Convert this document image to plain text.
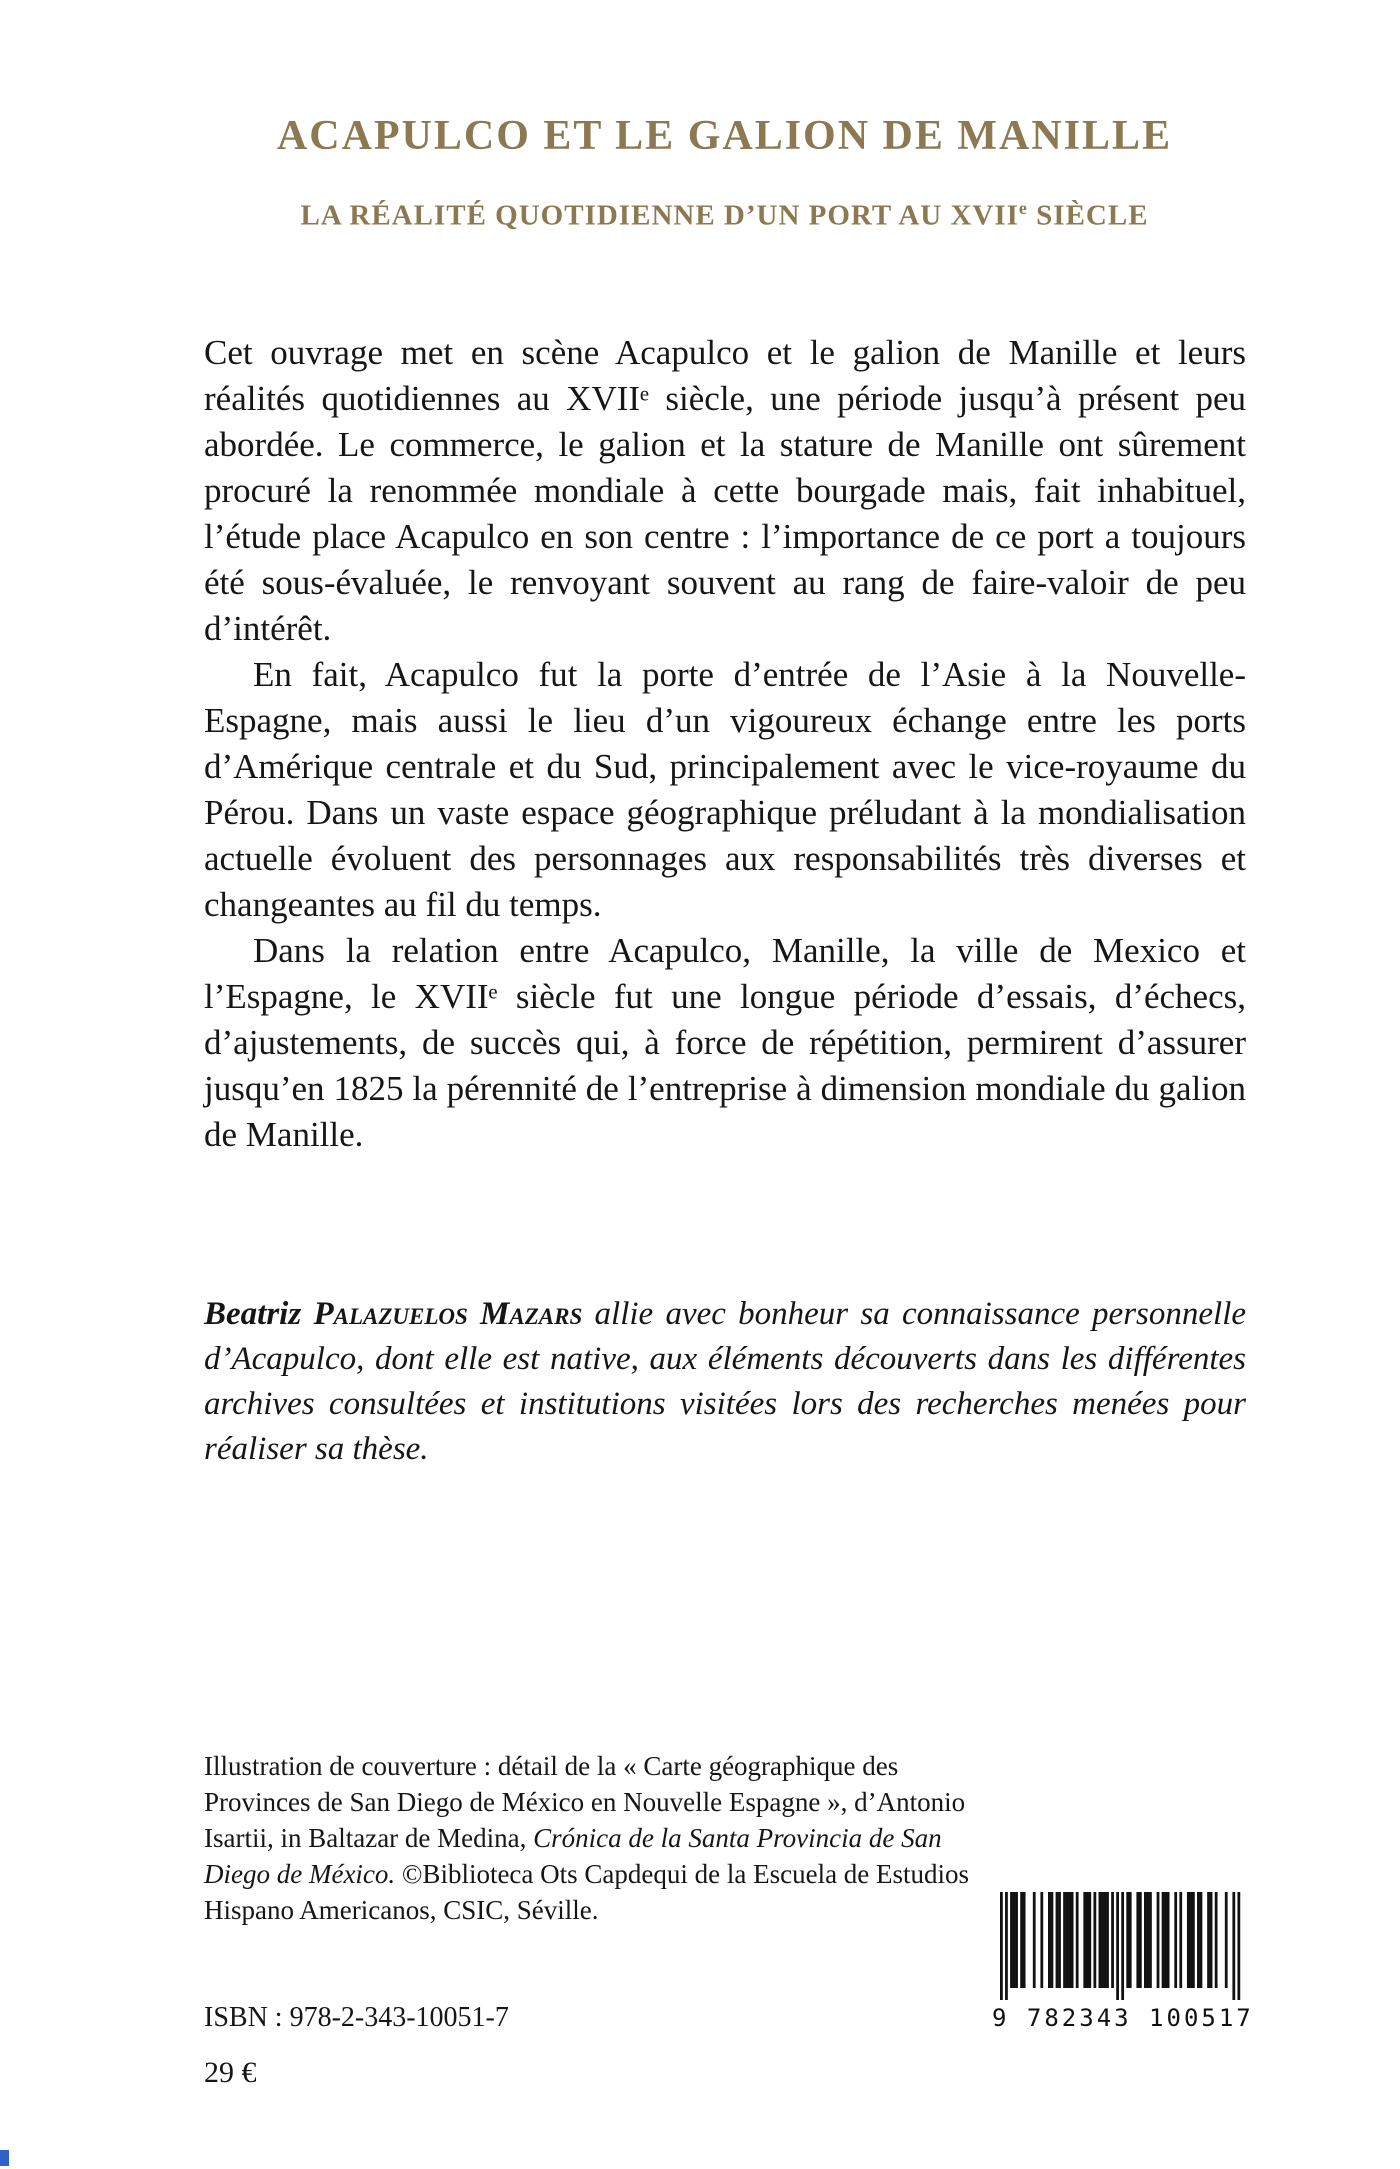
ACAPULCO ET LE GALION DE MANILLE
LA RÉALITÉ QUOTIDIENNE D’UN PORT AU XVIIe SIÈCLE

Cet ouvrage met en scène Acapulco et le galion de Manille et leurs réalités quotidiennes au XVIIᵉ siècle, une période jusqu’à présent peu abordée. Le commerce, le galion et la stature de Manille ont sûrement procuré la renommée mondiale à cette bourgade mais, fait inhabituel, l’étude place Acapulco en son centre : l’importance de ce port a toujours été sous-évaluée, le renvoyant souvent au rang de faire-valoir de peu d’intérêt.

En fait, Acapulco fut la porte d’entrée de l’Asie à la Nouvelle-Espagne, mais aussi le lieu d’un vigoureux échange entre les ports d’Amérique centrale et du Sud, principalement avec le vice-royaume du Pérou. Dans un vaste espace géographique préludant à la mondialisation actuelle évoluent des personnages aux responsabilités très diverses et changeantes au fil du temps.

Dans la relation entre Acapulco, Manille, la ville de Mexico et l’Espagne, le XVIIᵉ siècle fut une longue période d’essais, d’échecs, d’ajustements, de succès qui, à force de répétition, permirent d’assurer jusqu’en 1825 la pérennité de l’entreprise à dimension mondiale du galion de Manille.

Beatriz Palazuelos Mazars allie avec bonheur sa connaissance personnelle d’Acapulco, dont elle est native, aux éléments découverts dans les différentes archives consultées et institutions visitées lors des recherches menées pour réaliser sa thèse.
Illustration de couverture : détail de la « Carte géographique des Provinces de San Diego de México en Nouvelle Espagne », d’Antonio Isartii, in Baltazar de Medina, Crónica de la Santa Provincia de San Diego de México. ©Biblioteca Ots Capdequi de la Escuela de Estudios Hispano Americanos, CSIC, Séville.
9 782343 100517
ISBN : 978-2-343-10051-7
29 €
